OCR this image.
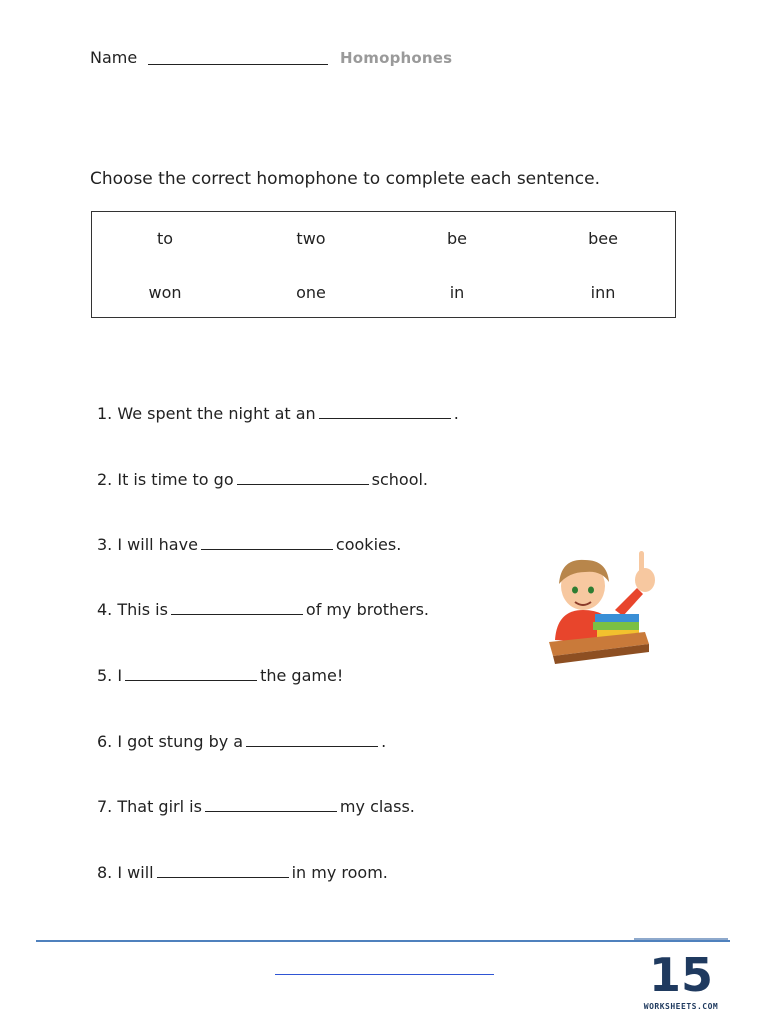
Name	Homophones
Choose the correct homophone to complete each sentence.
to	two	be	bee
won	one	in	inn
1. We spent the night at an	.
2. It is time to go	school.
3. I will have	cookies.
4. This is	of my brothers.
5. I	the game!
6. I got stung by a	.
7. That girl is	my class.
8. I will	in my room.
15
WORKSHEETS.COM
